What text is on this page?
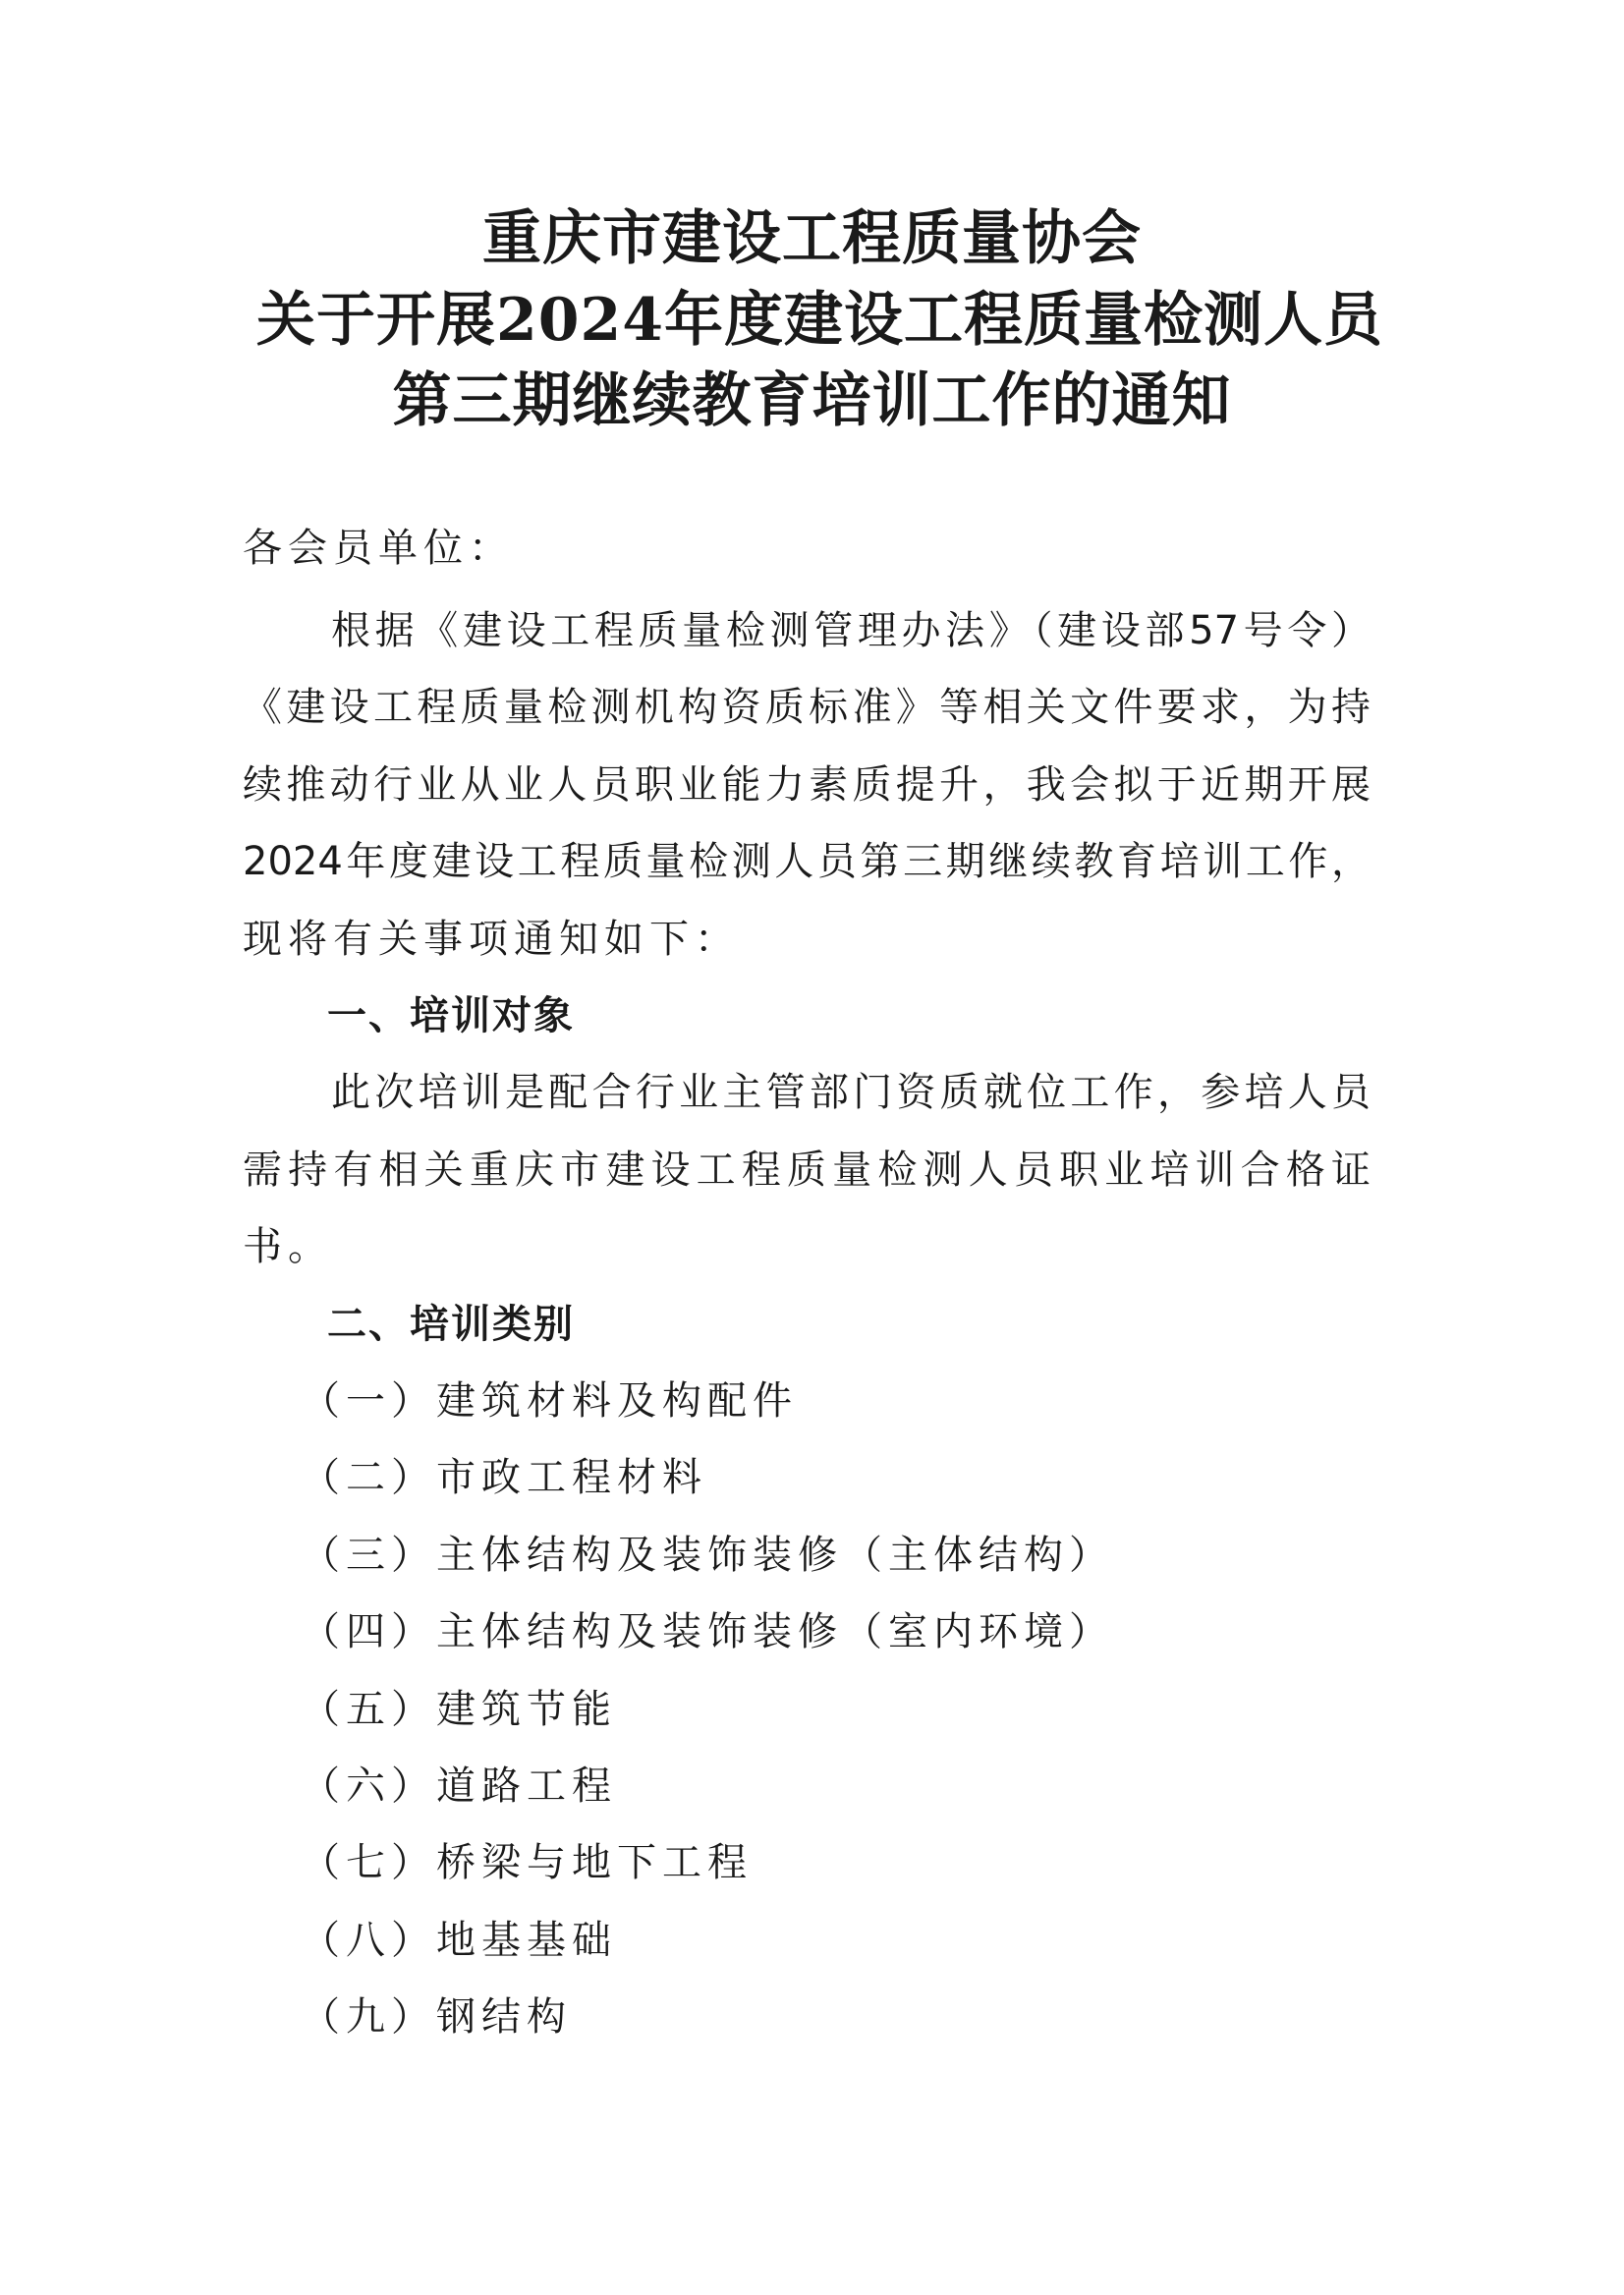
重庆市建设工程质量协会
关于开展2024年度建设工程质量检测人员
第三期继续教育培训工作的通知
各会员单位：
根据《建设工程质量检测管理办法》（建设部57号令）
《建设工程质量检测机构资质标准》等相关文件要求，为持
续推动行业从业人员职业能力素质提升，我会拟于近期开展
2024年度建设工程质量检测人员第三期继续教育培训工作，
现将有关事项通知如下：
一、培训对象
此次培训是配合行业主管部门资质就位工作，参培人员
需持有相关重庆市建设工程质量检测人员职业培训合格证
书。
二、培训类别
（一）建筑材料及构配件
（二）市政工程材料
（三）主体结构及装饰装修（主体结构）
（四）主体结构及装饰装修（室内环境）
（五）建筑节能
（六）道路工程
（七）桥梁与地下工程
（八）地基基础
（九）钢结构
